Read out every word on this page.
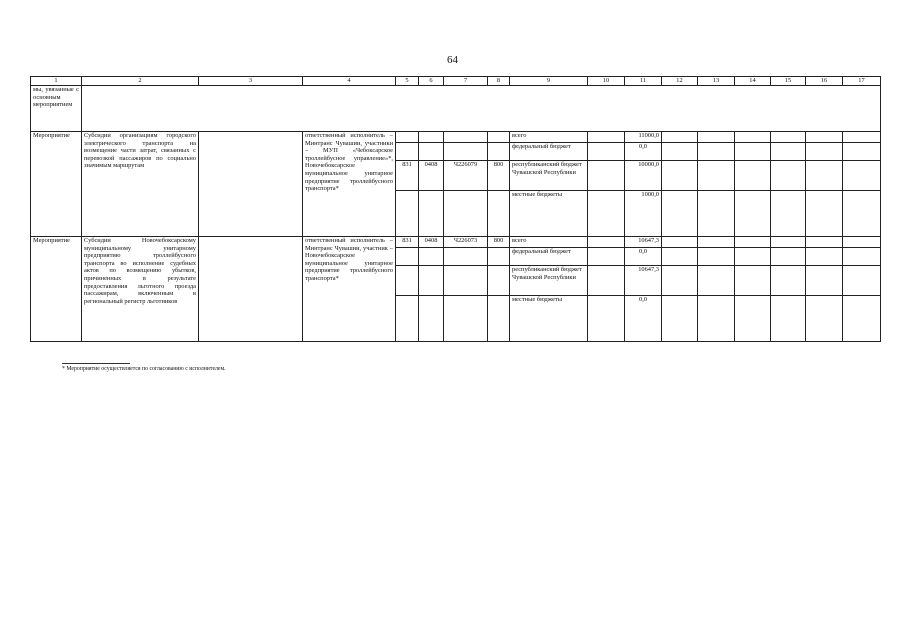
64
1	2	3	4	5	6	7	8	9	10	11	12	13	14	15	16	17
мы, увязанные с основным мероприятием																
Мероприятие	Субсидии организациям городского электрического транспорта на возмещение части затрат, связанных с перевозкой пассажиров по социально значимым маршрутам		ответственный исполнитель – Минтранс Чувашии, участники – МУП «Чебоксарское троллейбусное управление»*, Новочебоксарское муниципальное унитарное предприятие троллейбусного транспорта*					всего		11000,0						
								федеральный бюджет		0,0						
				831	0408	Ч226079	800	республиканский бюджет Чувашской Республики		10000,0						
								местные бюджеты		1000,0						
Мероприятие	Субсидии Новочебоксарскому муниципальному унитарному предприятию троллейбусного транспорта во исполнение судебных актов по возмещению убытков, причиненных в результате предоставления льготного проезда пассажирам, включенным в региональный регистр льготников		ответственный исполнитель – Минтранс Чувашии, участник – Новочебоксарское муниципальное унитарное предприятие троллейбусного транспорта*	831	0408	Ч226073	800	всего		10647,3						
								федеральный бюджет		0,0						
								республиканский бюджет Чувашской Республики		10647,3						
								местные бюджеты		0,0						
* Мероприятие осуществляется по согласованию с исполнителем.
